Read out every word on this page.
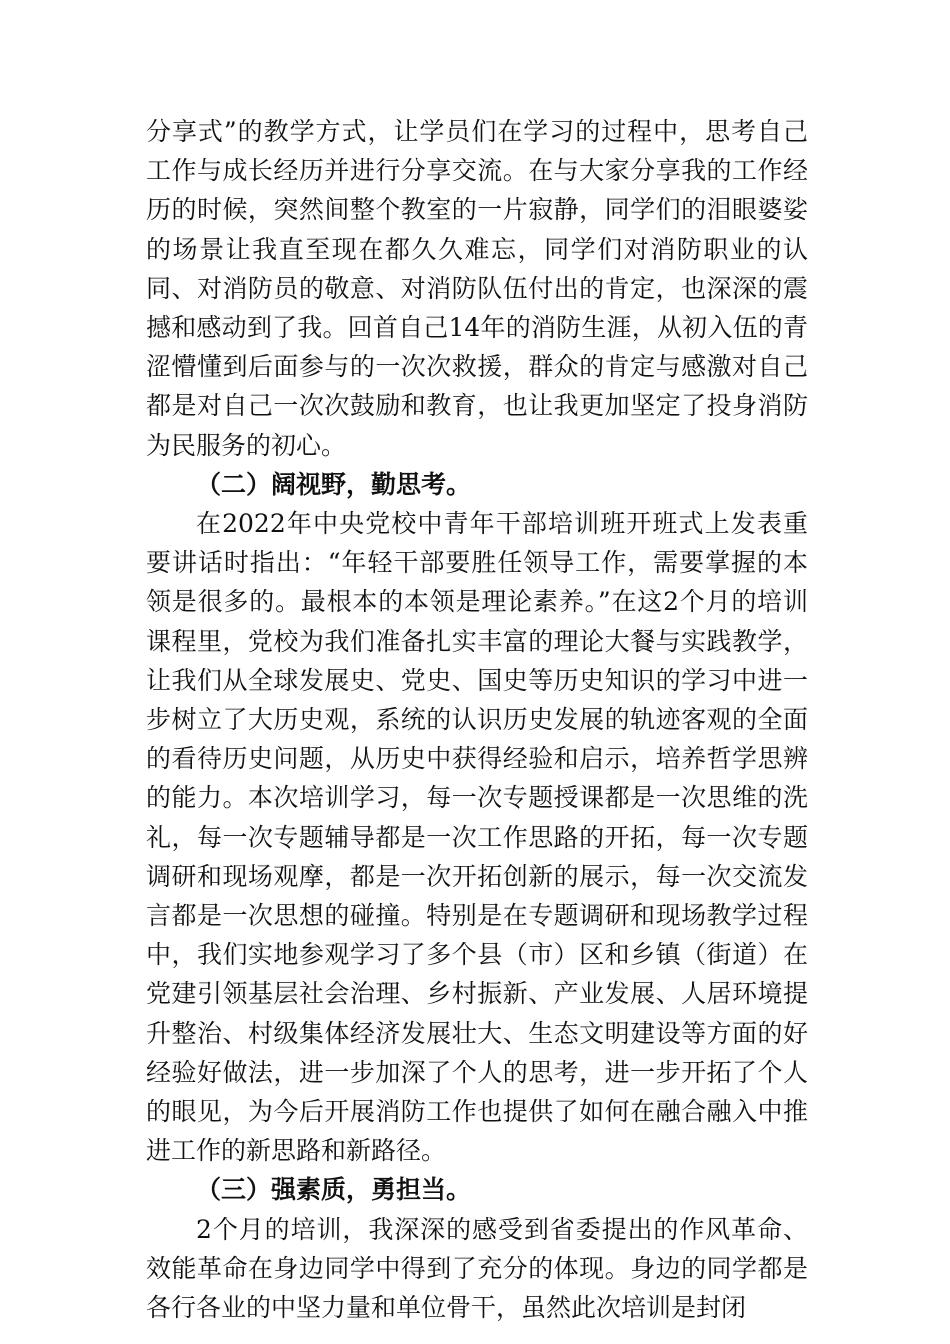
分享式”的教学方式，让学员们在学习的过程中，思考自己工作与成长经历并进行分享交流。在与大家分享我的工作经历的时候，突然间整个教室的一片寂静，同学们的泪眼婆娑的场景让我直至现在都久久难忘，同学们对消防职业的认同、对消防员的敬意、对消防队伍付出的肯定，也深深的震撼和感动到了我。回首自己14年的消防生涯，从初入伍的青涩懵懂到后面参与的一次次救援，群众的肯定与感激对自己都是对自己一次次鼓励和教育，也让我更加坚定了投身消防为民服务的初心。

（二）阔视野，勤思考。

在2022年中央党校中青年干部培训班开班式上发表重要讲话时指出：“年轻干部要胜任领导工作，需要掌握的本领是很多的。最根本的本领是理论素养。”在这2个月的培训课程里，党校为我们准备扎实丰富的理论大餐与实践教学，让我们从全球发展史、党史、国史等历史知识的学习中进一步树立了大历史观，系统的认识历史发展的轨迹客观的全面的看待历史问题，从历史中获得经验和启示，培养哲学思辨的能力。本次培训学习，每一次专题授课都是一次思维的洗礼，每一次专题辅导都是一次工作思路的开拓，每一次专题调研和现场观摩，都是一次开拓创新的展示，每一次交流发言都是一次思想的碰撞。特别是在专题调研和现场教学过程中，我们实地参观学习了多个县（市）区和乡镇（街道）在党建引领基层社会治理、乡村振新、产业发展、人居环境提升整治、村级集体经济发展壮大、生态文明建设等方面的好经验好做法，进一步加深了个人的思考，进一步开拓了个人的眼见，为今后开展消防工作也提供了如何在融合融入中推进工作的新思路和新路径。

（三）强素质，勇担当。

2个月的培训，我深深的感受到省委提出的作风革命、效能革命在身边同学中得到了充分的体现。身边的同学都是各行各业的中坚力量和单位骨干，虽然此次培训是封闭
